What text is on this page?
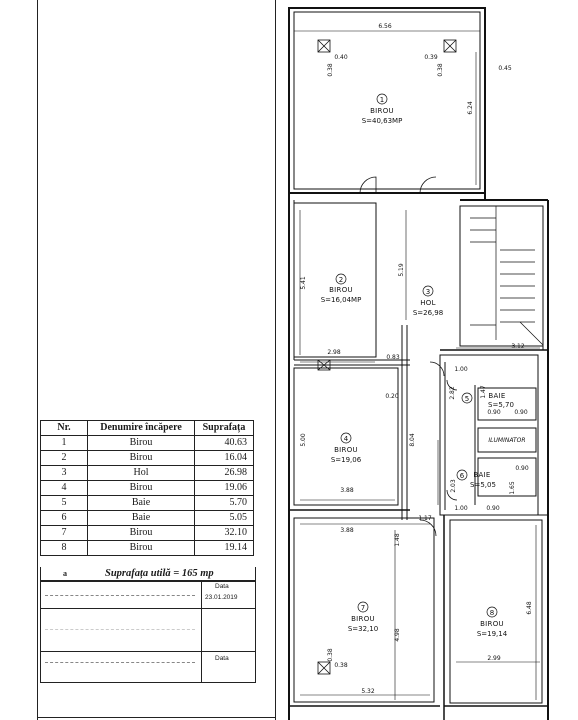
1
BIROU
S=40,63MP
2
BIROU
S=16,04MP
3
HOL
S=26,98
4
BIROU
S=19,06
5	BAIE
S=5,70
ILUMINATOR
6 BAIE
S=5,05
7
BIROU
S=32,10
8
BIROU
S=19,14
6.56
0.45
0.40
0.38
0.39
0.38
6.24
5.41
5.19
2.98
0.83
3.12
0.20
5.00	8.04
3.88
1.00
2.82	1.47
0.90 0.90
0.90
2.03	1.65
1.00	0.90
1.17
3.88
1.48
4.98
6.48
2.99
0.38
0.38
5.32
Nr.	Denumire încăpere	Suprafața
1	Birou	40.63
2	Birou	16.04
3	Hol	26.98
4	Birou	19.06
5	Baie	5.70
6	Baie	5.05
7	Birou	32.10
8	Birou	19.14
a	Suprafața utilă = 165 mp
Data
23.01.2019
Data
